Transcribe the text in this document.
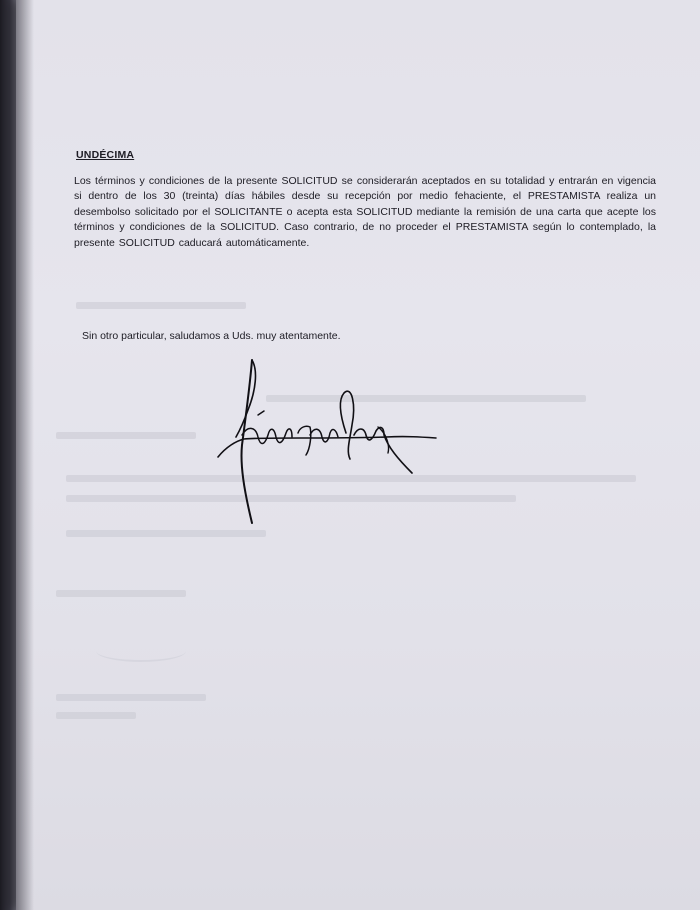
UNDÉCIMA

Los términos y condiciones de la presente SOLICITUD se considerarán aceptados en su totalidad y entrarán en vigencia si dentro de los 30 (treinta) días hábiles desde su recepción por medio fehaciente, el PRESTAMISTA realiza un desembolso solicitado por el SOLICITANTE o acepta esta SOLICITUD mediante la remisión de una carta que acepte los términos y condiciones de la SOLICITUD. Caso contrario, de no proceder el PRESTAMISTA según lo contemplado, la presente SOLICITUD caducará automáticamente.

Sin otro particular, saludamos a Uds. muy atentamente.
